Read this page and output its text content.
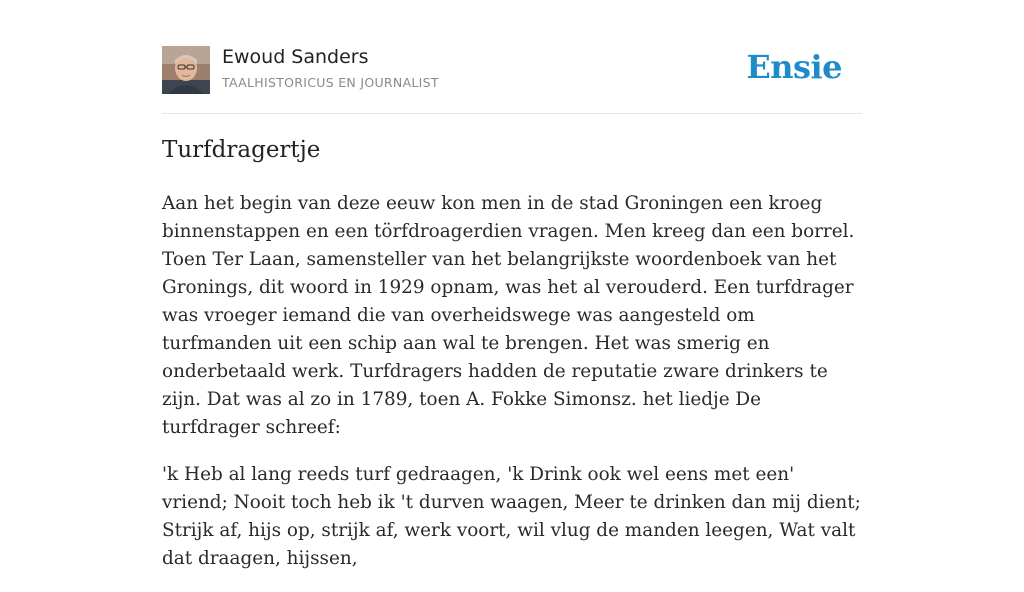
Ewoud Sanders
TAALHISTORICUS EN JOURNALIST	Ensie
Turfdragertje

Aan het begin van deze eeuw kon men in de stad Groningen een kroeg binnenstappen en een törfdroagerdien vragen. Men kreeg dan een borrel. Toen Ter Laan, samensteller van het belangrijkste woordenboek van het Gronings, dit woord in 1929 opnam, was het al verouderd. Een turfdrager was vroeger iemand die van overheidswege was aangesteld om turfmanden uit een schip aan wal te brengen. Het was smerig en onderbetaald werk. Turfdragers hadden de reputatie zware drinkers te zijn. Dat was al zo in 1789, toen A. Fokke Simonsz. het liedje De turfdrager schreef:

'k Heb al lang reeds turf gedraagen, 'k Drink ook wel eens met een' vriend; Nooit toch heb ik 't durven waagen, Meer te drinken dan mij dient; Strijk af, hijs op, strijk af, werk voort, wil vlug de manden leegen, Wat valt dat draagen, hijssen,
